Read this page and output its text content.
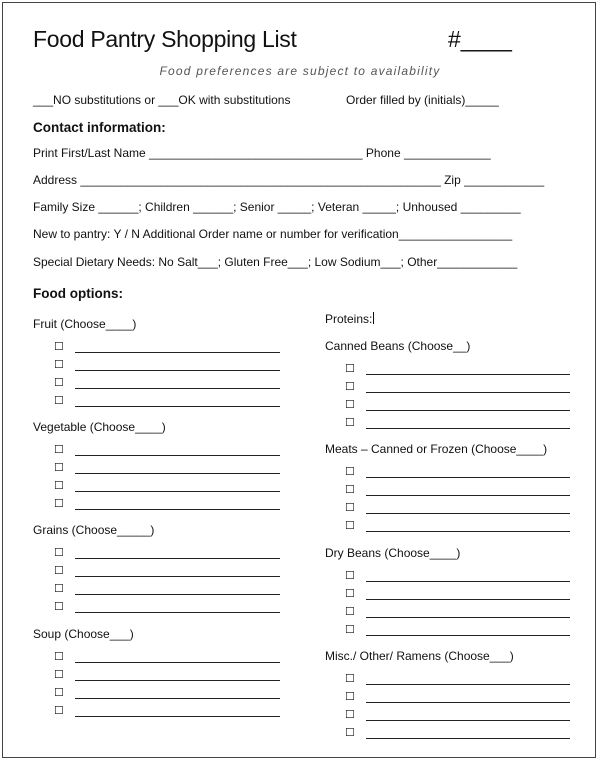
Food Pantry Shopping List	#____
Food preferences are subject to availability
___NO substitutions or ___OK with substitutions	Order filled by (initials)_____
Contact information:
Print First/Last Name ________________________________ Phone _____________
Address ______________________________________________________ Zip ____________
Family Size ______; Children ______; Senior _____; Veteran _____; Unhoused _________
New to pantry: Y / N Additional Order name or number for verification_________________
Special Dietary Needs: No Salt___; Gluten Free___; Low Sodium___; Other____________
Food options:
Fruit (Choose____)
☐
☐
☐
☐
Vegetable (Choose____)
☐
☐
☐
☐
Grains (Choose_____)
☐
☐
☐
☐
Soup (Choose___)
☐
☐
☐
☐
Proteins:
Canned Beans (Choose__)
☐
☐
☐
☐
Meats – Canned or Frozen (Choose____)
☐
☐
☐
☐
Dry Beans (Choose____)
☐
☐
☐
☐
Misc./ Other/ Ramens (Choose___)
☐
☐
☐
☐
